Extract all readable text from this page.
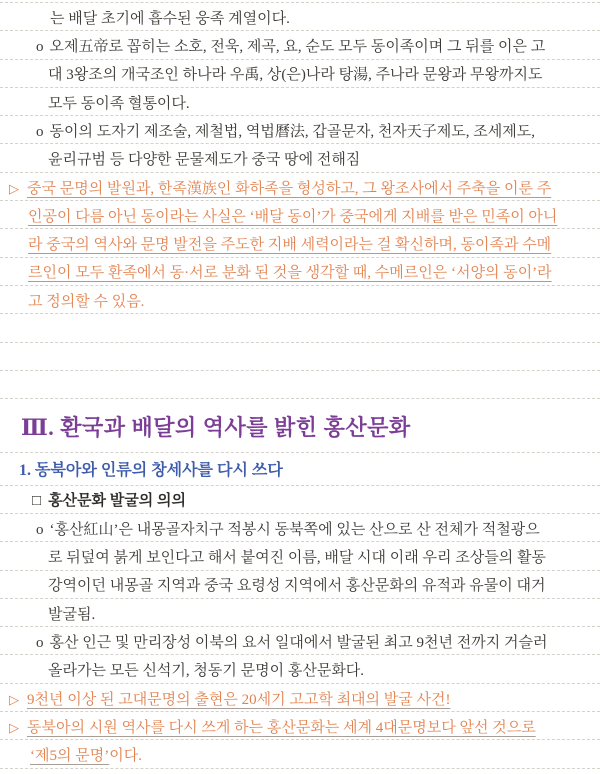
는 배달 초기에 흡수된 웅족 계열이다.
o 오제五帝로 꼽히는 소호, 전욱, 제곡, 요, 순도 모두 동이족이며 그 뒤를 이은 고
대 3왕조의 개국조인 하나라 우禹, 상(은)나라 탕湯, 주나라 문왕과 무왕까지도
모두 동이족 혈통이다.
o 동이의 도자기 제조술, 제철법, 역법曆法, 갑골문자, 천자天子제도, 조세제도,
윤리규범 등 다양한 문물제도가 중국 땅에 전해짐
▷ 중국 문명의 발원과, 한족漢族인 화하족을 형성하고, 그 왕조사에서 주축을 이룬 주
인공이 다름 아닌 동이라는 사실은 ‘배달 동이’가 중국에게 지배를 받은 민족이 아니
라 중국의 역사와 문명 발전을 주도한 지배 세력이라는 걸 확신하며, 동이족과 수메
르인이 모두 환족에서 동·서로 분화 된 것을 생각할 때, 수메르인은 ‘서양의 동이’라
고 정의할 수 있음.
Ⅲ. 환국과 배달의 역사를 밝힌 홍산문화
1. 동북아와 인류의 창세사를 다시 쓰다
□ 홍산문화 발굴의 의의
o ‘홍산紅山’은 내몽골자치구 적봉시 동북쪽에 있는 산으로 산 전체가 적철광으
로 뒤덮여 붉게 보인다고 해서 붙여진 이름, 배달 시대 이래 우리 조상들의 활동
강역이던 내몽골 지역과 중국 요령성 지역에서 홍산문화의 유적과 유물이 대거
발굴됨.
o 홍산 인근 및 만리장성 이북의 요서 일대에서 발굴된 최고 9천년 전까지 거슬러
올라가는 모든 신석기, 청동기 문명이 홍산문화다.
▷ 9천년 이상 된 고대문명의 출현은 20세기 고고학 최대의 발굴 사건!
▷ 동북아의 시원 역사를 다시 쓰게 하는 홍산문화는 세계 4대문명보다 앞선 것으로
‘제5의 문명’ 이다.
